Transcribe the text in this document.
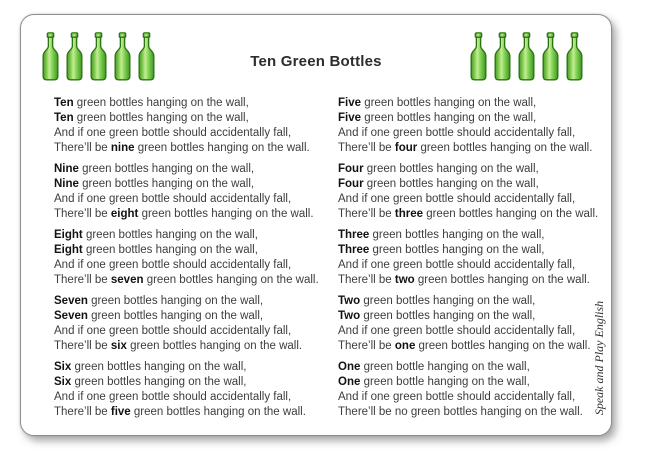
Ten Green Bottles
Ten green bottles hanging on the wall,
Ten green bottles hanging on the wall,
And if one green bottle should accidentally fall,
There’ll be nine green bottles hanging on the wall.
Nine green bottles hanging on the wall,
Nine green bottles hanging on the wall,
And if one green bottle should accidentally fall,
There’ll be eight green bottles hanging on the wall.
Eight green bottles hanging on the wall,
Eight green bottles hanging on the wall,
And if one green bottle should accidentally fall,
There’ll be seven green bottles hanging on the wall.
Seven green bottles hanging on the wall,
Seven green bottles hanging on the wall,
And if one green bottle should accidentally fall,
There’ll be six green bottles hanging on the wall.
Six green bottles hanging on the wall,
Six green bottles hanging on the wall,
And if one green bottle should accidentally fall,
There’ll be five green bottles hanging on the wall.
Five green bottles hanging on the wall,
Five green bottles hanging on the wall,
And if one green bottle should accidentally fall,
There’ll be four green bottles hanging on the wall.
Four green bottles hanging on the wall,
Four green bottles hanging on the wall,
And if one green bottle should accidentally fall,
There’ll be three green bottles hanging on the wall.
Three green bottles hanging on the wall,
Three green bottles hanging on the wall,
And if one green bottle should accidentally fall,
There’ll be two green bottles hanging on the wall.
Two green bottles hanging on the wall,
Two green bottles hanging on the wall,
And if one green bottle should accidentally fall,
There’ll be one green bottles hanging on the wall.
One green bottle hanging on the wall,
One green bottle hanging on the wall,
And if one green bottle should accidentally fall,
There’ll be no green bottles hanging on the wall. Speak and Play English
